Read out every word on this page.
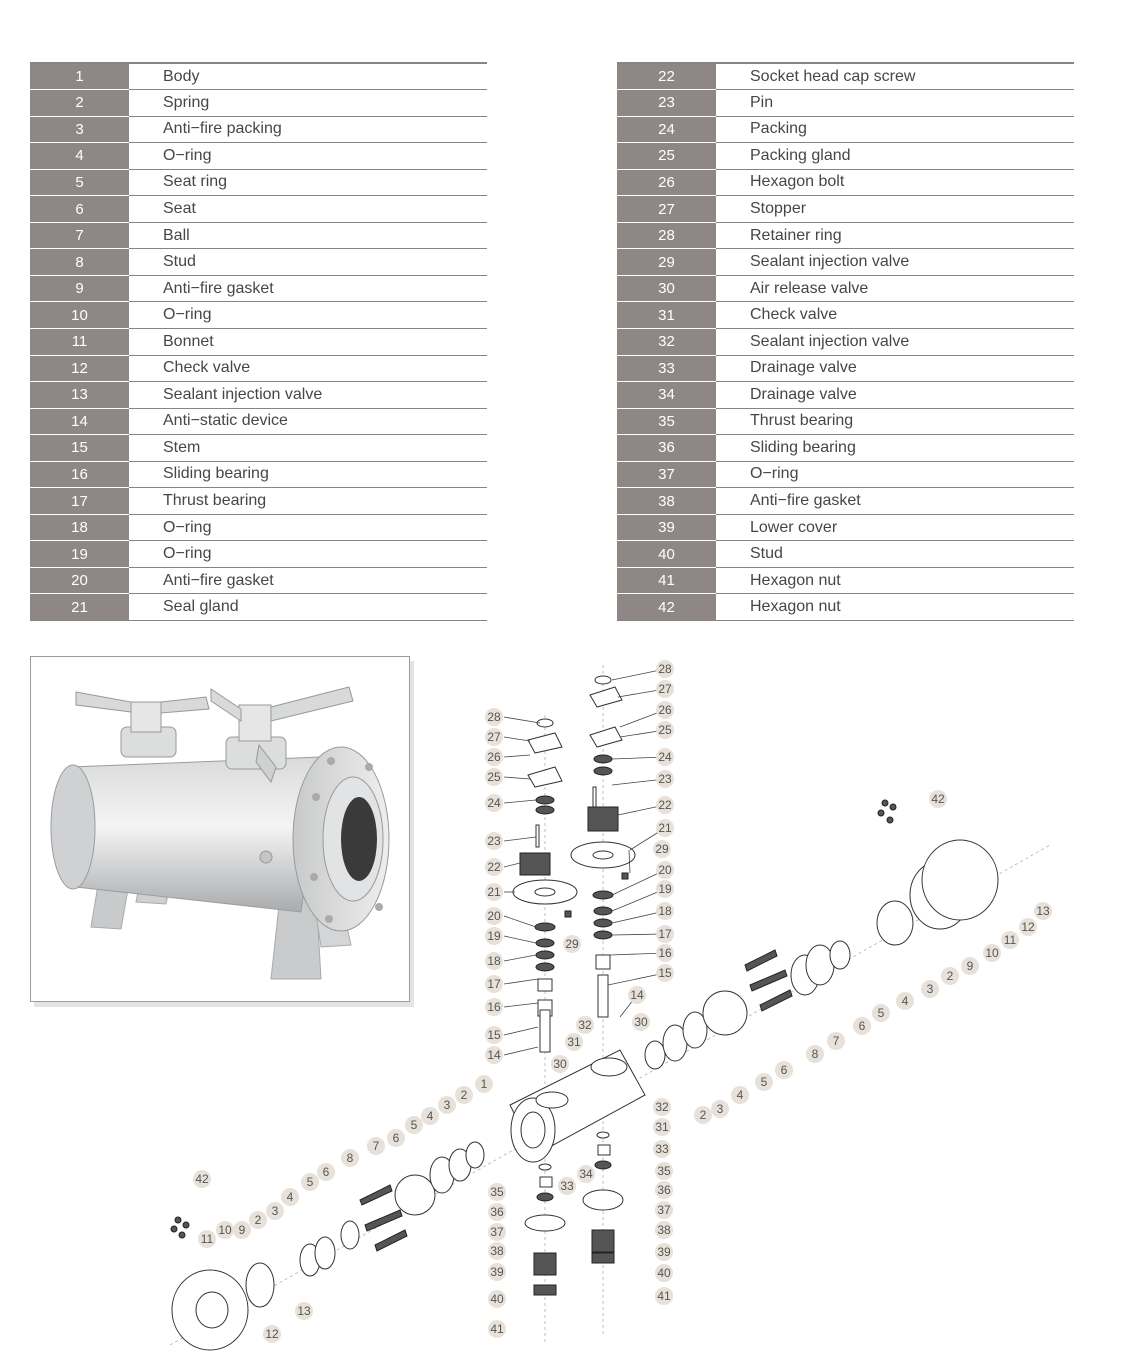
1	Body
2	Spring
3	Anti−fire packing
4	O−ring
5	Seat ring
6	Seat
7	Ball
8	Stud
9	Anti−fire gasket
10	O−ring
11	Bonnet
12	Check valve
13	Sealant injection valve
14	Anti−static device
15	Stem
16	Sliding bearing
17	Thrust bearing
18	O−ring
19	O−ring
20	Anti−fire gasket
21	Seal gland
22	Socket head cap screw
23	Pin
24	Packing
25	Packing gland
26	Hexagon bolt
27	Stopper
28	Retainer ring
29	Sealant injection valve
30	Air release valve
31	Check valve
32	Sealant injection valve
33	Drainage valve
34	Drainage valve
35	Thrust bearing
36	Sliding bearing
37	O−ring
38	Anti−fire gasket
39	Lower cover
40	Stud
41	Hexagon nut
42	Hexagon nut
28
27
26
25
24
23
22
21
29
20
19
18
17
16
15
14
28
27
26
25
24
23
22
21
20
19
18
17
16
15
14
29
42
13
12
11
10
9
2
3
4
5
6
7
8
30
32
31
30	6
5
4
3
2
32
31
33
1
2
3
4
5
6
7
8
6
5
4
3
2
9
10
11
42
13
12
35
36
37
38
39
40
41
33
34	35
36
37
38
39
40
41
